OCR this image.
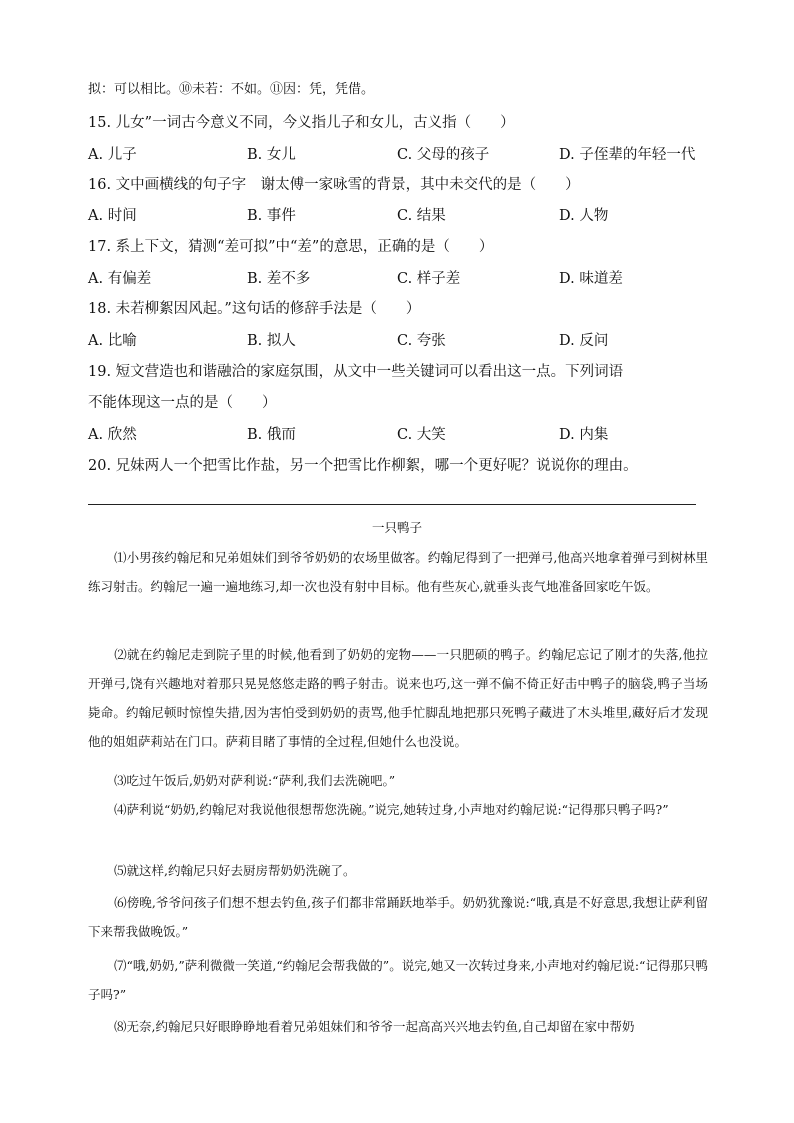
拟：可以相比。⑩未若：不如。⑪因：凭，凭借。
15. 儿女”一词古今意义不同，今义指儿子和女儿，古义指（　　）
A. 儿子	B. 女儿	C. 父母的孩子	D. 子侄辈的年轻一代
16. 文中画横线的句子字　谢太傅一家咏雪的背景，其中未交代的是（　　）
A. 时间	B. 事件	C. 结果	D. 人物
17. 系上下文，猜测“差可拟”中“差”的意思，正确的是（　　）
A. 有偏差	B. 差不多	C. 样子差	D. 味道差
18. 未若柳絮因风起。”这句话的修辞手法是（　　）
A. 比喻	B. 拟人	C. 夸张	D. 反问
19. 短文营造也和谐融洽的家庭氛围，从文中一些关键词可以看出这一点。下列词语
不能体现这一点的是（　　）
A. 欣然	B. 俄而	C. 大笑	D. 内集
20. 兄妹两人一个把雪比作盐，另一个把雪比作柳絮，哪一个更好呢？说说你的理由。
一只鸭子
⑴小男孩约翰尼和兄弟姐妹们到爷爷奶奶的农场里做客。约翰尼得到了一把弹弓,他高兴地拿着弹弓到树林里练习射击。约翰尼一遍一遍地练习,却一次也没有射中目标。他有些灰心,就垂头丧气地准备回家吃午饭。
⑵就在约翰尼走到院子里的时候,他看到了奶奶的宠物——一只肥硕的鸭子。约翰尼忘记了刚才的失落,他拉开弹弓,饶有兴趣地对着那只晃晃悠悠走路的鸭子射击。说来也巧,这一弹不偏不倚正好击中鸭子的脑袋,鸭子当场毙命。约翰尼顿时惊惶失措,因为害怕受到奶奶的责骂,他手忙脚乱地把那只死鸭子藏进了木头堆里,藏好后才发现他的姐姐萨莉站在门口。萨莉目睹了事情的全过程,但她什么也没说。
⑶吃过午饭后,奶奶对萨利说:“萨利,我们去洗碗吧。”
⑷萨利说“奶奶,约翰尼对我说他很想帮您洗碗。”说完,她转过身,小声地对约翰尼说:“记得那只鸭子吗?”
⑸就这样,约翰尼只好去厨房帮奶奶洗碗了。
⑹傍晚,爷爷问孩子们想不想去钓鱼,孩子们都非常踊跃地举手。奶奶犹豫说:“哦,真是不好意思,我想让萨利留下来帮我做晚饭。”
⑺“哦,奶奶,”萨利微微一笑道,“约翰尼会帮我做的”。说完,她又一次转过身来,小声地对约翰尼说:“记得那只鸭子吗?”
⑻无奈,约翰尼只好眼睁睁地看着兄弟姐妹们和爷爷一起高高兴兴地去钓鱼,自己却留在家中帮奶
